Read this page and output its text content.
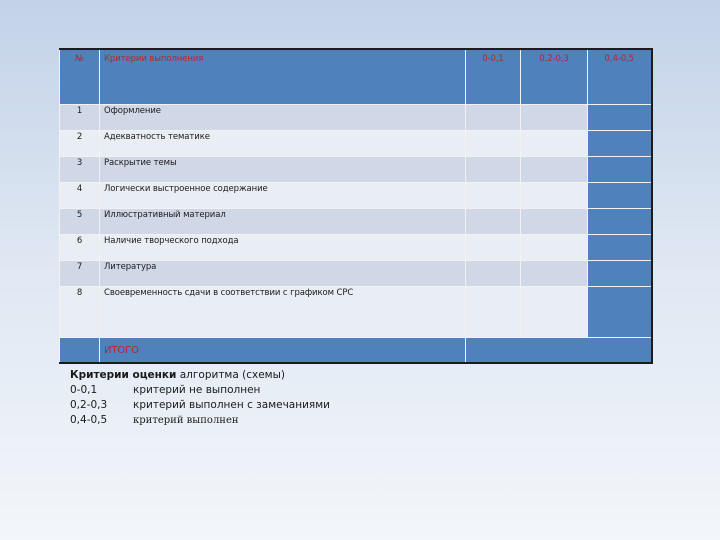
№	Критерии выполнения	0-0,1	0,2-0,3	0,4-0,5
1	Оформление			
2	Адекватность тематике			
3	Раскрытие темы			
4	Логически выстроенное содержание			
5	Иллюстративный материал			
6	Наличие творческого подхода			
7	Литература			
8	Своевременность сдачи в соответствии с графиком СРС			
	ИТОГО			
Критерии оценки алгоритма (схемы)
0-0,1	критерий не выполнен
0,2-0,3 критерий выполнен с замечаниями
0,4-0,5	критерий выполнен
